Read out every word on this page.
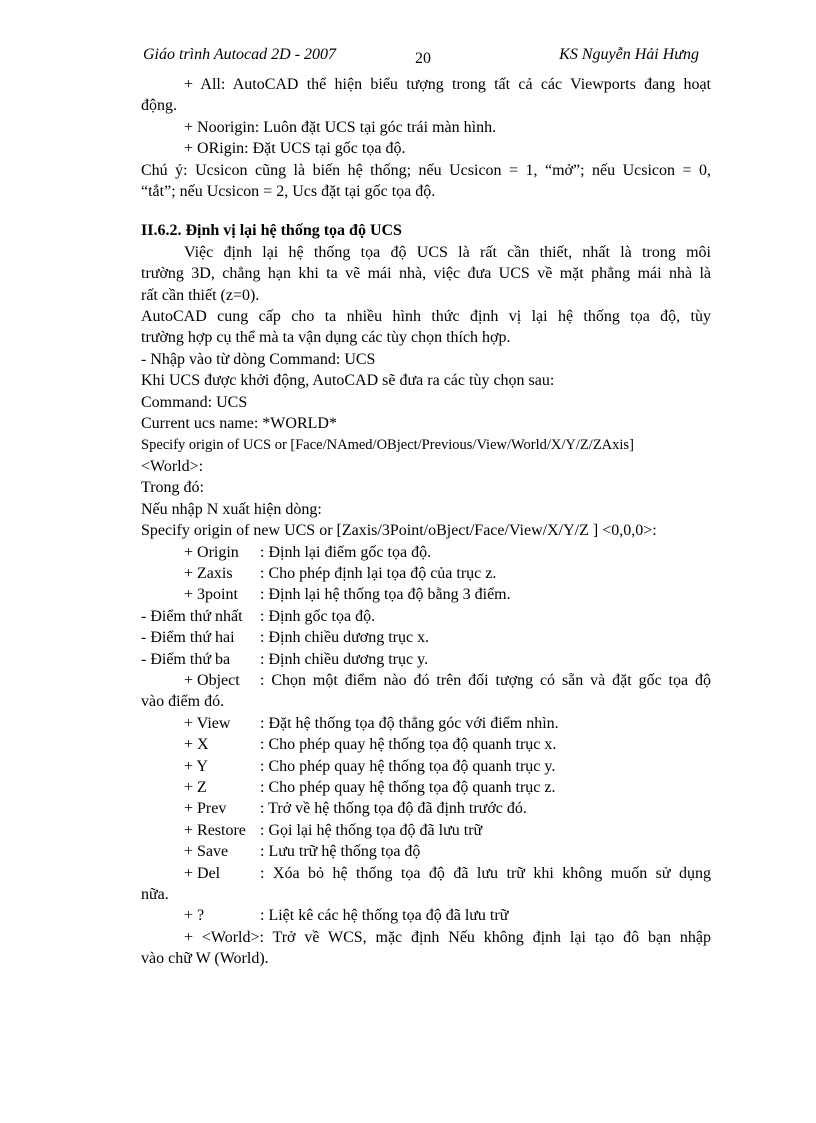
Giáo trình Autocad 2D - 2007	20	KS Nguyễn Hải Hưng
+ All: AutoCAD thể hiện biểu tượng trong tất cả các Viewports đang hoạt
động.
+ Noorigin: Luôn đặt UCS tại góc trái màn hình.
+ ORigin: Đặt UCS tại gốc tọa độ.
Chú ý: Ucsicon cũng là biến hệ thống; nếu Ucsicon = 1, “mở”; nếu Ucsicon = 0,
“tắt”; nếu Ucsicon = 2, Ucs đặt tại gốc tọa độ.
II.6.2. Định vị lại hệ thống tọa độ UCS
Việc định lại hệ thống tọa độ UCS là rất cần thiết, nhất là trong môi
trường 3D, chẳng hạn khi ta vẽ mái nhà, việc đưa UCS về mặt phẳng mái nhà là
rất cần thiết (z=0).
AutoCAD cung cấp cho ta nhiều hình thức định vị lại hệ thống tọa độ, tùy
trường hợp cụ thể mà ta vận dụng các tùy chọn thích hợp.
- Nhập vào từ dòng Command: UCS
Khi UCS được khởi động, AutoCAD sẽ đưa ra các tùy chọn sau:
Command: UCS
Current ucs name: *WORLD*
Specify origin of UCS or [Face/NAmed/OBject/Previous/View/World/X/Y/Z/ZAxis]
<World>:
Trong đó:
Nếu nhập N xuất hiện dòng:
Specify origin of new UCS or [Zaxis/3Point/oBject/Face/View/X/Y/Z ] <0,0,0>:
+ Origin	: Định lại điểm gốc tọa độ.
+ Zaxis	: Cho phép định lại tọa độ của trục z.
+ 3point	: Định lại hệ thống tọa độ bằng 3 điểm.
- Điểm thứ nhất	: Định gốc tọa độ.
- Điểm thứ hai	: Định chiều dương trục x.
- Điểm thứ ba	: Định chiều dương trục y.
+ Object	: Chọn một điểm nào đó trên đối tượng có sẵn và đặt gốc tọa độ
vào điểm đó.
+ View	: Đặt hệ thống tọa độ thẳng góc với điểm nhìn.
+ X	: Cho phép quay hệ thống tọa độ quanh trục x.
+ Y	: Cho phép quay hệ thống tọa độ quanh trục y.
+ Z	: Cho phép quay hệ thống tọa độ quanh trục z.
+ Prev	: Trở về hệ thống tọa độ đã định trước đó.
+ Restore : Gọi lại hệ thống tọa độ đã lưu trữ
+ Save	: Lưu trữ hệ thống tọa độ
+ Del	: Xóa bỏ hệ thống tọa độ đã lưu trữ khi không muốn sử dụng
nữa.
+ ?	: Liệt kê các hệ thống tọa độ đã lưu trữ
+ <World>: Trở về WCS, mặc định Nếu không định lại tạo đô bạn nhập
vào chữ W (World).
